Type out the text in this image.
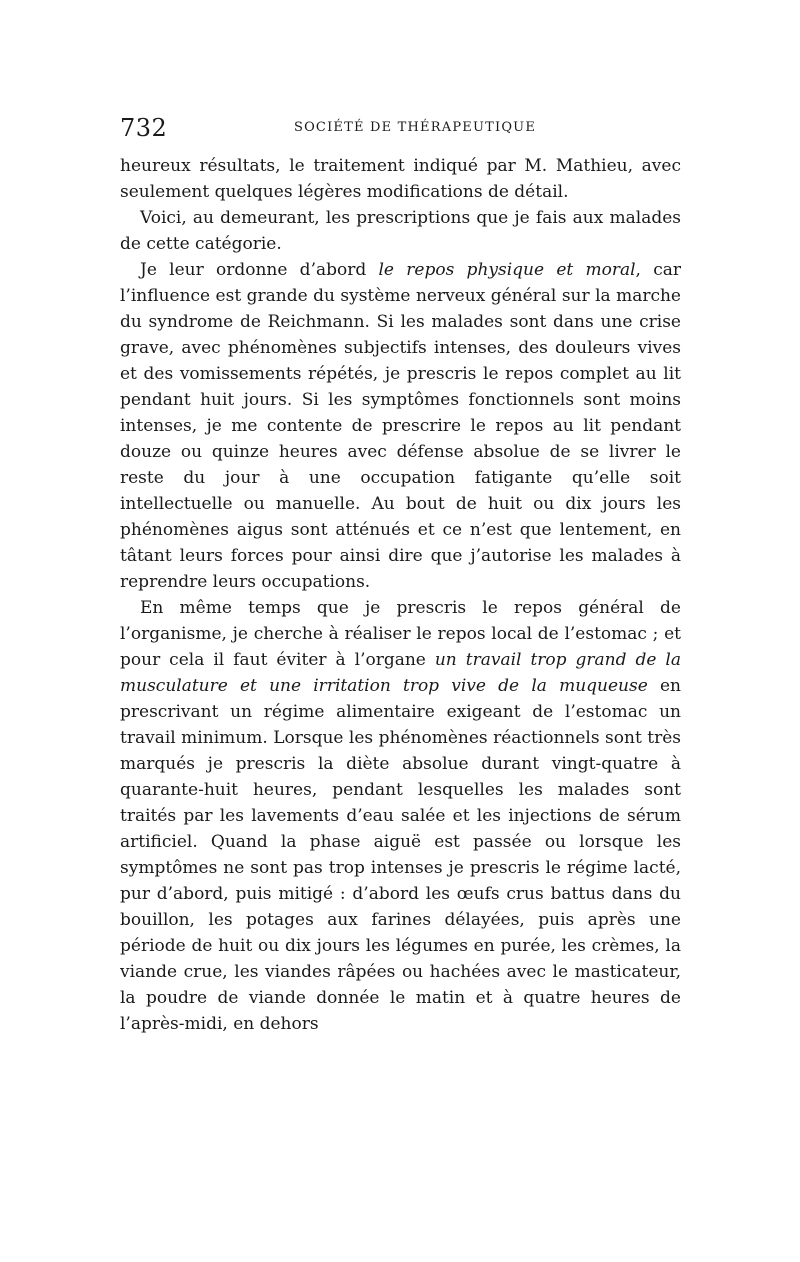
732	SOCIÉTÉ DE THÉRAPEUTIQUE

heureux résultats, le traitement indiqué par M. Mathieu, avec seulement quelques légères modifications de détail.

Voici, au demeurant, les prescriptions que je fais aux malades de cette catégorie.

Je leur ordonne d’abord le repos physique et moral, car l’influence est grande du système nerveux général sur la marche du syndrome de Reichmann. Si les malades sont dans une crise grave, avec phénomènes subjectifs intenses, des douleurs vives et des vomissements répétés, je prescris le repos complet au lit pendant huit jours. Si les symptômes fonctionnels sont moins intenses, je me contente de prescrire le repos au lit pendant douze ou quinze heures avec défense absolue de se livrer le reste du jour à une occupation fatigante qu’elle soit intellectuelle ou manuelle. Au bout de huit ou dix jours les phénomènes aigus sont atténués et ce n’est que lentement, en tâtant leurs forces pour ainsi dire que j’autorise les malades à reprendre leurs occupations.

En même temps que je prescris le repos général de l’organisme, je cherche à réaliser le repos local de l’estomac ; et pour cela il faut éviter à l’organe un travail trop grand de la musculature et une irritation trop vive de la muqueuse en prescrivant un régime alimentaire exigeant de l’estomac un travail minimum. Lorsque les phénomènes réactionnels sont très marqués je prescris la diète absolue durant vingt-quatre à quarante-huit heures, pendant lesquelles les malades sont traités par les lavements d’eau salée et les injections de sérum artificiel. Quand la phase aiguë est passée ou lorsque les symptômes ne sont pas trop intenses je prescris le régime lacté, pur d’abord, puis mitigé : d’abord les œufs crus battus dans du bouillon, les potages aux farines délayées, puis après une période de huit ou dix jours les légumes en purée, les crèmes, la viande crue, les viandes râpées ou hachées avec le masticateur, la poudre de viande donnée le matin et à quatre heures de l’après-midi, en dehors
